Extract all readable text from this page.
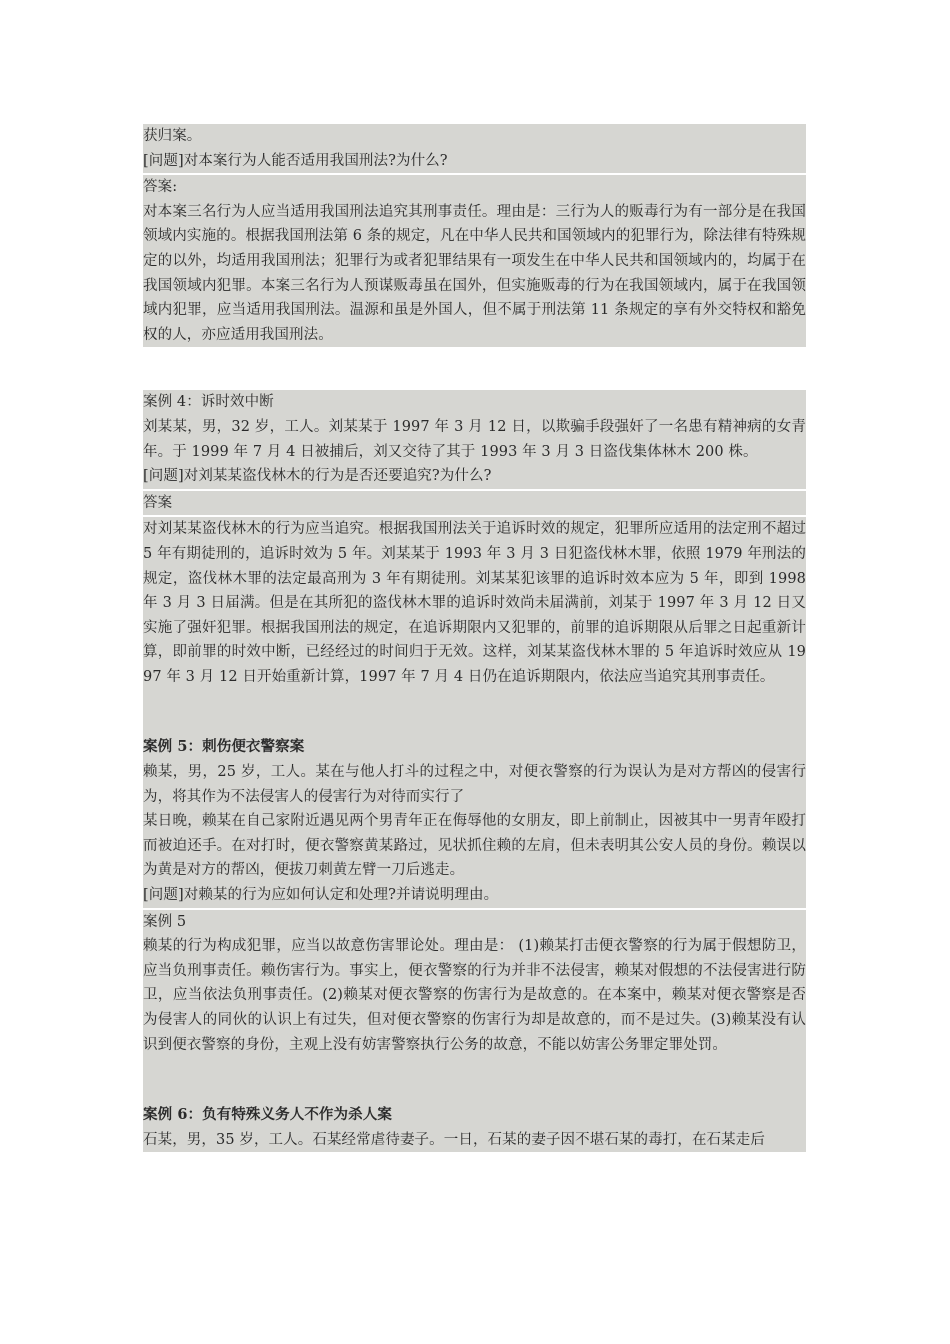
获归案。

[问题]对本案行为人能否适用我国刑法?为什么?

答案:

对本案三名行为人应当适用我国刑法追究其刑事责任。理由是：三行为人的贩毒行为有一部分是在我国领域内实施的。根据我国刑法第 6 条的规定，凡在中华人民共和国领域内的犯罪行为，除法律有特殊规定的以外，均适用我国刑法；犯罪行为或者犯罪结果有一项发生在中华人民共和国领域内的，均属于在我国领域内犯罪。本案三名行为人预谋贩毒虽在国外，但实施贩毒的行为在我国领域内，属于在我国领域内犯罪，应当适用我国刑法。温源和虽是外国人，但不属于刑法第 11 条规定的享有外交特权和豁免权的人，亦应适用我国刑法。

案例 4：诉时效中断

刘某某，男，32 岁，工人。刘某某于 1997 年 3 月 12 日，以欺骗手段强奸了一名患有精神病的女青年。于 1999 年 7 月 4 日被捕后，刘又交待了其于 1993 年 3 月 3 日盗伐集体林木 200 株。

[问题]对刘某某盗伐林木的行为是否还要追究?为什么?

答案

对刘某某盗伐林木的行为应当追究。根据我国刑法关于追诉时效的规定，犯罪所应适用的法定刑不超过 5 年有期徒刑的，追诉时效为 5 年。刘某某于 1993 年 3 月 3 日犯盗伐林木罪，依照 1979 年刑法的规定，盗伐林木罪的法定最高刑为 3 年有期徒刑。刘某某犯该罪的追诉时效本应为 5 年，即到 1998 年 3 月 3 日届满。但是在其所犯的盗伐林木罪的追诉时效尚未届满前，刘某于 1997 年 3 月 12 日又实施了强奸犯罪。根据我国刑法的规定，在追诉期限内又犯罪的，前罪的追诉期限从后罪之日起重新计算，即前罪的时效中断，已经经过的时间归于无效。这样，刘某某盗伐林木罪的 5 年追诉时效应从 1997 年 3 月 12 日开始重新计算，1997 年 7 月 4 日仍在追诉期限内，依法应当追究其刑事责任。

案例 5：刺伤便衣警察案

赖某，男，25 岁，工人。某在与他人打斗的过程之中，对便衣警察的行为误认为是对方帮凶的侵害行为，将其作为不法侵害人的侵害行为对待而实行了

某日晚，赖某在自己家附近遇见两个男青年正在侮辱他的女朋友，即上前制止，因被其中一男青年殴打而被迫还手。在对打时，便衣警察黄某路过，见状抓住赖的左肩，但未表明其公安人员的身份。赖误以为黄是对方的帮凶，便拔刀刺黄左臂一刀后逃走。

[问题]对赖某的行为应如何认定和处理?并请说明理由。

案例 5

赖某的行为构成犯罪，应当以故意伤害罪论处。理由是： (1)赖某打击便衣警察的行为属于假想防卫，应当负刑事责任。赖伤害行为。事实上，便衣警察的行为并非不法侵害，赖某对假想的不法侵害进行防卫，应当依法负刑事责任。(2)赖某对便衣警察的伤害行为是故意的。在本案中，赖某对便衣警察是否为侵害人的同伙的认识上有过失，但对便衣警察的伤害行为却是故意的，而不是过失。(3)赖某没有认识到便衣警察的身份，主观上没有妨害警察执行公务的故意，不能以妨害公务罪定罪处罚。

案例 6：负有特殊义务人不作为杀人案

石某，男，35 岁，工人。石某经常虐待妻子。一日，石某的妻子因不堪石某的毒打，在石某走后
